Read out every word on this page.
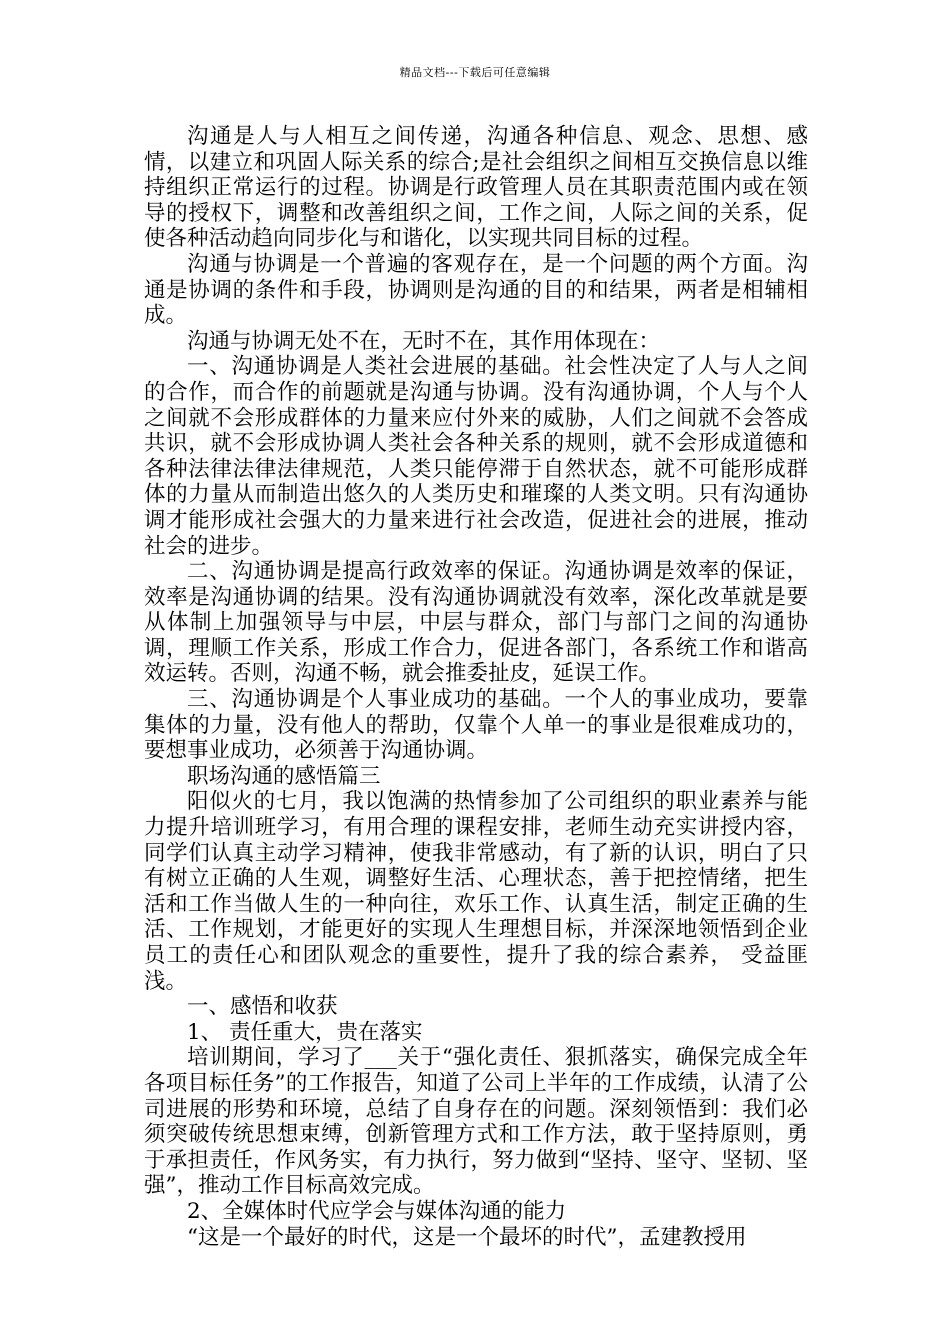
精品文档---下载后可任意编辑

沟通是人与人相互之间传递，沟通各种信息、观念、思想、感情，以建立和巩固人际关系的综合;是社会组织之间相互交换信息以维持组织正常运行的过程。协调是行政管理人员在其职责范围内或在领导的授权下，调整和改善组织之间，工作之间，人际之间的关系，促使各种活动趋向同步化与和谐化，以实现共同目标的过程。

沟通与协调是一个普遍的客观存在，是一个问题的两个方面。沟通是协调的条件和手段，协调则是沟通的目的和结果，两者是相辅相成。

沟通与协调无处不在，无时不在，其作用体现在：

一、沟通协调是人类社会进展的基础。社会性决定了人与人之间的合作，而合作的前题就是沟通与协调。没有沟通协调，个人与个人之间就不会形成群体的力量来应付外来的威胁，人们之间就不会答成共识，就不会形成协调人类社会各种关系的规则，就不会形成道德和各种法律法律法律规范，人类只能停滞于自然状态，就不可能形成群体的力量从而制造出悠久的人类历史和璀璨的人类文明。只有沟通协调才能形成社会强大的力量来进行社会改造，促进社会的进展，推动社会的进步。

二、沟通协调是提高行政效率的保证。沟通协调是效率的保证，效率是沟通协调的结果。没有沟通协调就没有效率，深化改革就是要从体制上加强领导与中层，中层与群众，部门与部门之间的沟通协调，理顺工作关系，形成工作合力，促进各部门，各系统工作和谐高效运转。否则，沟通不畅，就会推委扯皮，延误工作。

三、沟通协调是个人事业成功的基础。一个人的事业成功，要靠集体的力量，没有他人的帮助，仅靠个人单一的事业是很难成功的，要想事业成功，必须善于沟通协调。

职场沟通的感悟篇三

阳似火的七月，我以饱满的热情参加了公司组织的职业素养与能力提升培训班学习，有用合理的课程安排，老师生动充实讲授内容，同学们认真主动学习精神，使我非常感动，有了新的认识，明白了只有树立正确的人生观，调整好生活、心理状态，善于把控情绪，把生活和工作当做人生的一种向往，欢乐工作、认真生活，制定正确的生活、工作规划，才能更好的实现人生理想目标，并深深地领悟到企业员工的责任心和团队观念的重要性，提升了我的综合素养， 受益匪浅。

一、感悟和收获

1、 责任重大，贵在落实

培训期间，学习了___关于“强化责任、狠抓落实，确保完成全年各项目标任务”的工作报告，知道了公司上半年的工作成绩，认清了公司进展的形势和环境，总结了自身存在的问题。深刻领悟到：我们必须突破传统思想束缚，创新管理方式和工作方法，敢于坚持原则，勇于承担责任，作风务实，有力执行，努力做到“坚持、坚守、坚韧、坚强”，推动工作目标高效完成。

2、全媒体时代应学会与媒体沟通的能力

“这是一个最好的时代，这是一个最坏的时代”，孟建教授用
